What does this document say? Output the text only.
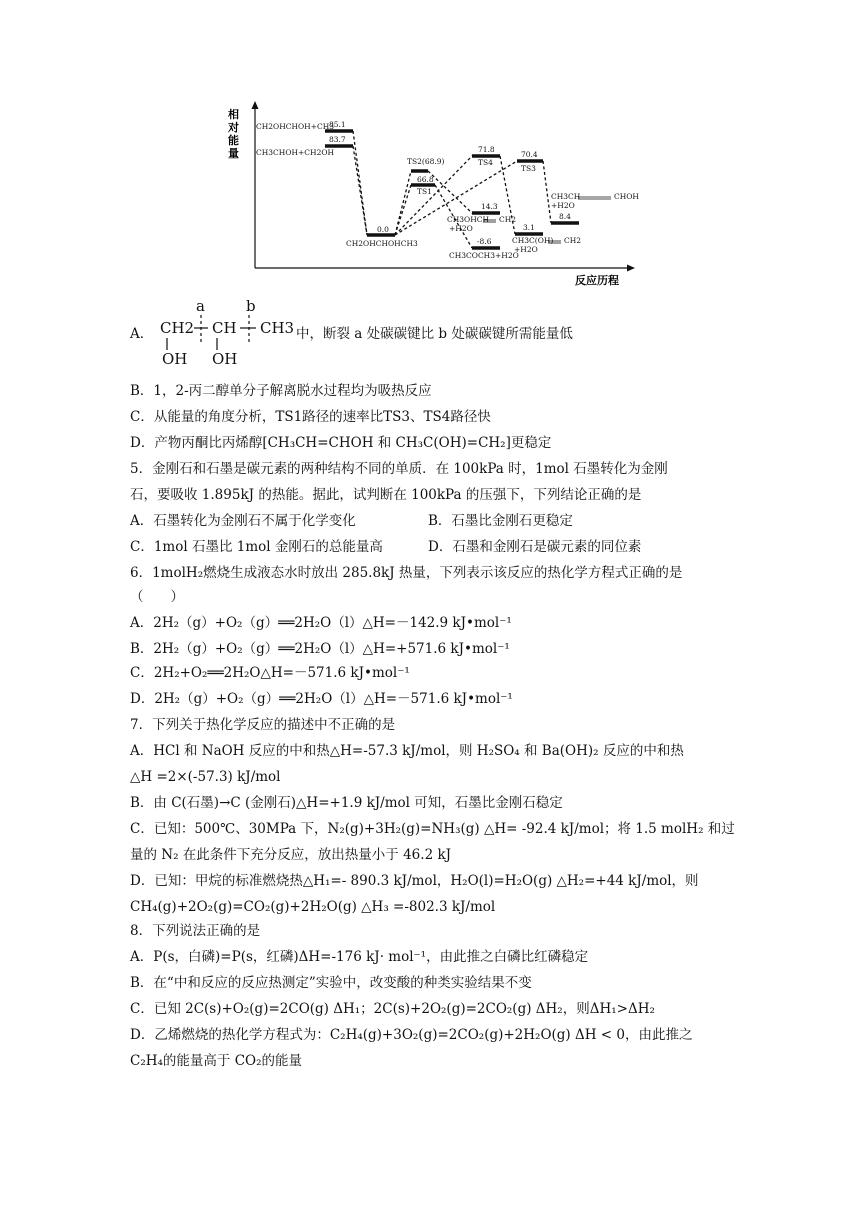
相对能量
反应历程
CH2OHCHOH+CH3
85.1
83.7
CH3CHOH+CH2OH
0.0
CH2OHCHOHCH3
TS2(68.9)
66.8
TS1
71.8
TS4
70.4
TS3
CH3CH	CHOH
+H2O
8.4
14.3
CH3OHCH CH2
+H2O
-8.6
CH3COCH3+H2O
3.1
CH3C(OH) CH2
+H2O
A．
a	b
CH2 CH CH3
OH OH
中，断裂 a 处碳碳键比 b 处碳碳键所需能量低
B．1，2-丙二醇单分子解离脱水过程均为吸热反应
C．从能量的角度分析，TS1路径的速率比TS3、TS4路径快
D．产物丙酮比丙烯醇[CH₃CH=CHOH 和 CH₃C(OH)=CH₂]更稳定
5．金刚石和石墨是碳元素的两种结构不同的单质．在 100kPa 时，1mol 石墨转化为金刚
石，要吸收 1.895kJ 的热能。据此，试判断在 100kPa 的压强下，下列结论正确的是
A．石墨转化为金刚石不属于化学变化	B．石墨比金刚石更稳定
C．1mol 石墨比 1mol 金刚石的总能量高	D．石墨和金刚石是碳元素的同位素
6．1molH₂燃烧生成液态水时放出 285.8kJ 热量，下列表示该反应的热化学方程式正确的是
（　　）
A．2H₂（g）+O₂（g）══2H₂O（l）△H=－142.9 kJ•mol⁻¹
B．2H₂（g）+O₂（g）══2H₂O（l）△H=+571.6 kJ•mol⁻¹
C．2H₂+O₂══2H₂O△H=－571.6 kJ•mol⁻¹
D．2H₂（g）+O₂（g）══2H₂O（l）△H=－571.6 kJ•mol⁻¹
7．下列关于热化学反应的描述中不正确的是
A．HCl 和 NaOH 反应的中和热△H=-57.3 kJ/mol，则 H₂SO₄ 和 Ba(OH)₂ 反应的中和热
△H =2×(-57.3) kJ/mol
B．由 C(石墨)→C (金刚石)△H=+1.9 kJ/mol 可知，石墨比金刚石稳定
C．已知：500℃、30MPa 下，N₂(g)+3H₂(g)=NH₃(g) △H= -92.4 kJ/mol；将 1.5 molH₂ 和过
量的 N₂ 在此条件下充分反应，放出热量小于 46.2 kJ
D．已知：甲烷的标准燃烧热△H₁=- 890.3 kJ/mol，H₂O(l)=H₂O(g) △H₂=+44 kJ/mol，则
CH₄(g)+2O₂(g)=CO₂(g)+2H₂O(g) △H₃ =-802.3 kJ/mol
8．下列说法正确的是
A．P(s，白磷)=P(s，红磷)ΔH=-176 kJ· mol⁻¹，由此推之白磷比红磷稳定
B．在“中和反应的反应热测定”实验中，改变酸的种类实验结果不变
C．已知 2C(s)+O₂(g)=2CO(g) ΔH₁；2C(s)+2O₂(g)=2CO₂(g) ΔH₂，则ΔH₁>ΔH₂
D．乙烯燃烧的热化学方程式为：C₂H₄(g)+3O₂(g)=2CO₂(g)+2H₂O(g) ΔH < 0，由此推之
C₂H₄的能量高于 CO₂的能量
